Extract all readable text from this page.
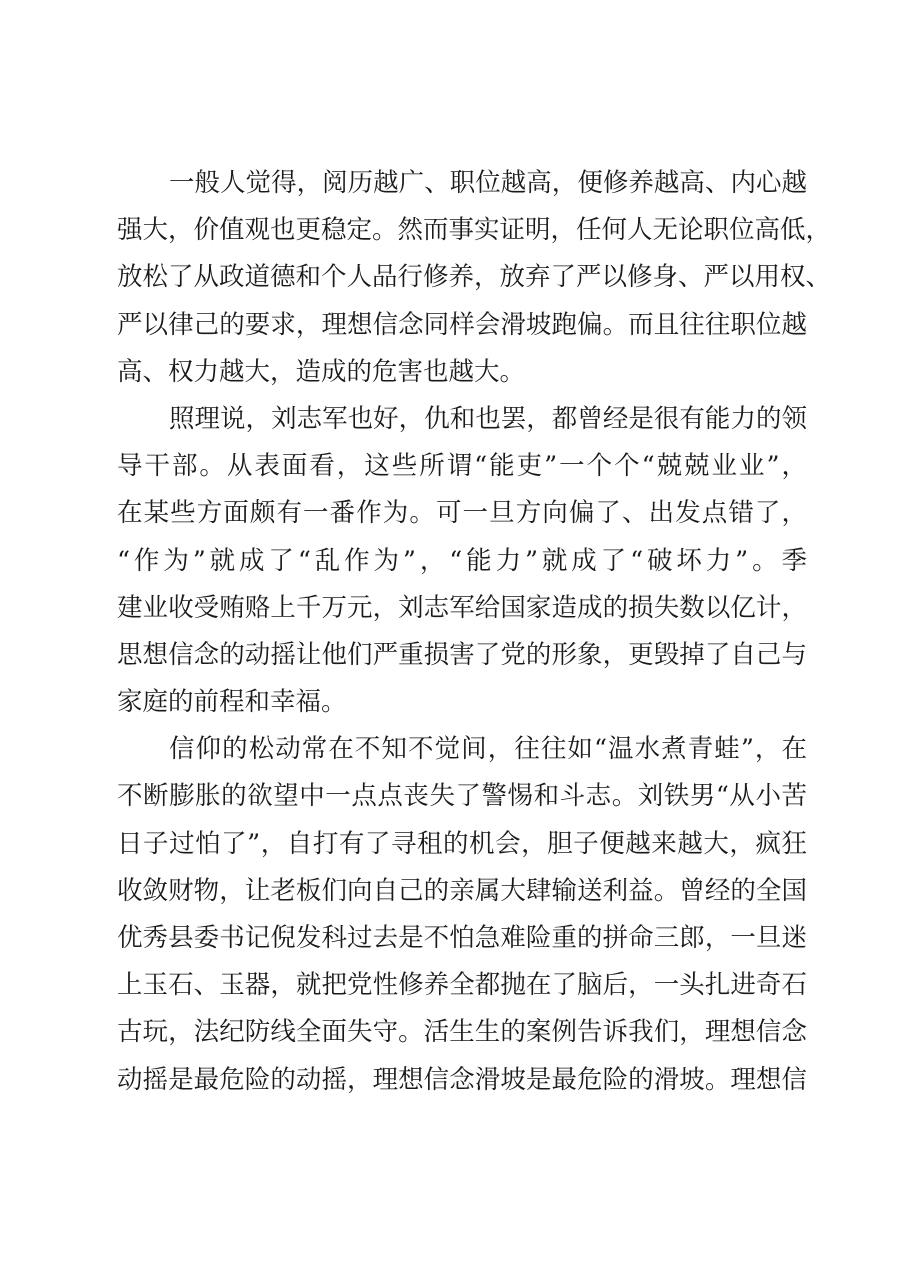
一般人觉得，阅历越广、职位越高，便修养越高、内心越
强大，价值观也更稳定。然而事实证明，任何人无论职位高低，
放松了从政道德和个人品行修养，放弃了严以修身、严以用权、
严以律己的要求，理想信念同样会滑坡跑偏。而且往往职位越
高、权力越大，造成的危害也越大。
照理说，刘志军也好，仇和也罢，都曾经是很有能力的领
导干部。从表面看，这些所谓“能吏”一个个“兢兢业业”，
在某些方面颇有一番作为。可一旦方向偏了、出发点错了，
“作为”就成了“乱作为”，“能力”就成了“破坏力”。季
建业收受贿赂上千万元，刘志军给国家造成的损失数以亿计，
思想信念的动摇让他们严重损害了党的形象，更毁掉了自己与
家庭的前程和幸福。
信仰的松动常在不知不觉间，往往如“温水煮青蛙”，在
不断膨胀的欲望中一点点丧失了警惕和斗志。刘铁男“从小苦
日子过怕了”，自打有了寻租的机会，胆子便越来越大，疯狂
收敛财物，让老板们向自己的亲属大肆输送利益。曾经的全国
优秀县委书记倪发科过去是不怕急难险重的拼命三郎，一旦迷
上玉石、玉器，就把党性修养全都抛在了脑后，一头扎进奇石
古玩，法纪防线全面失守。活生生的案例告诉我们，理想信念
动摇是最危险的动摇，理想信念滑坡是最危险的滑坡。理想信
